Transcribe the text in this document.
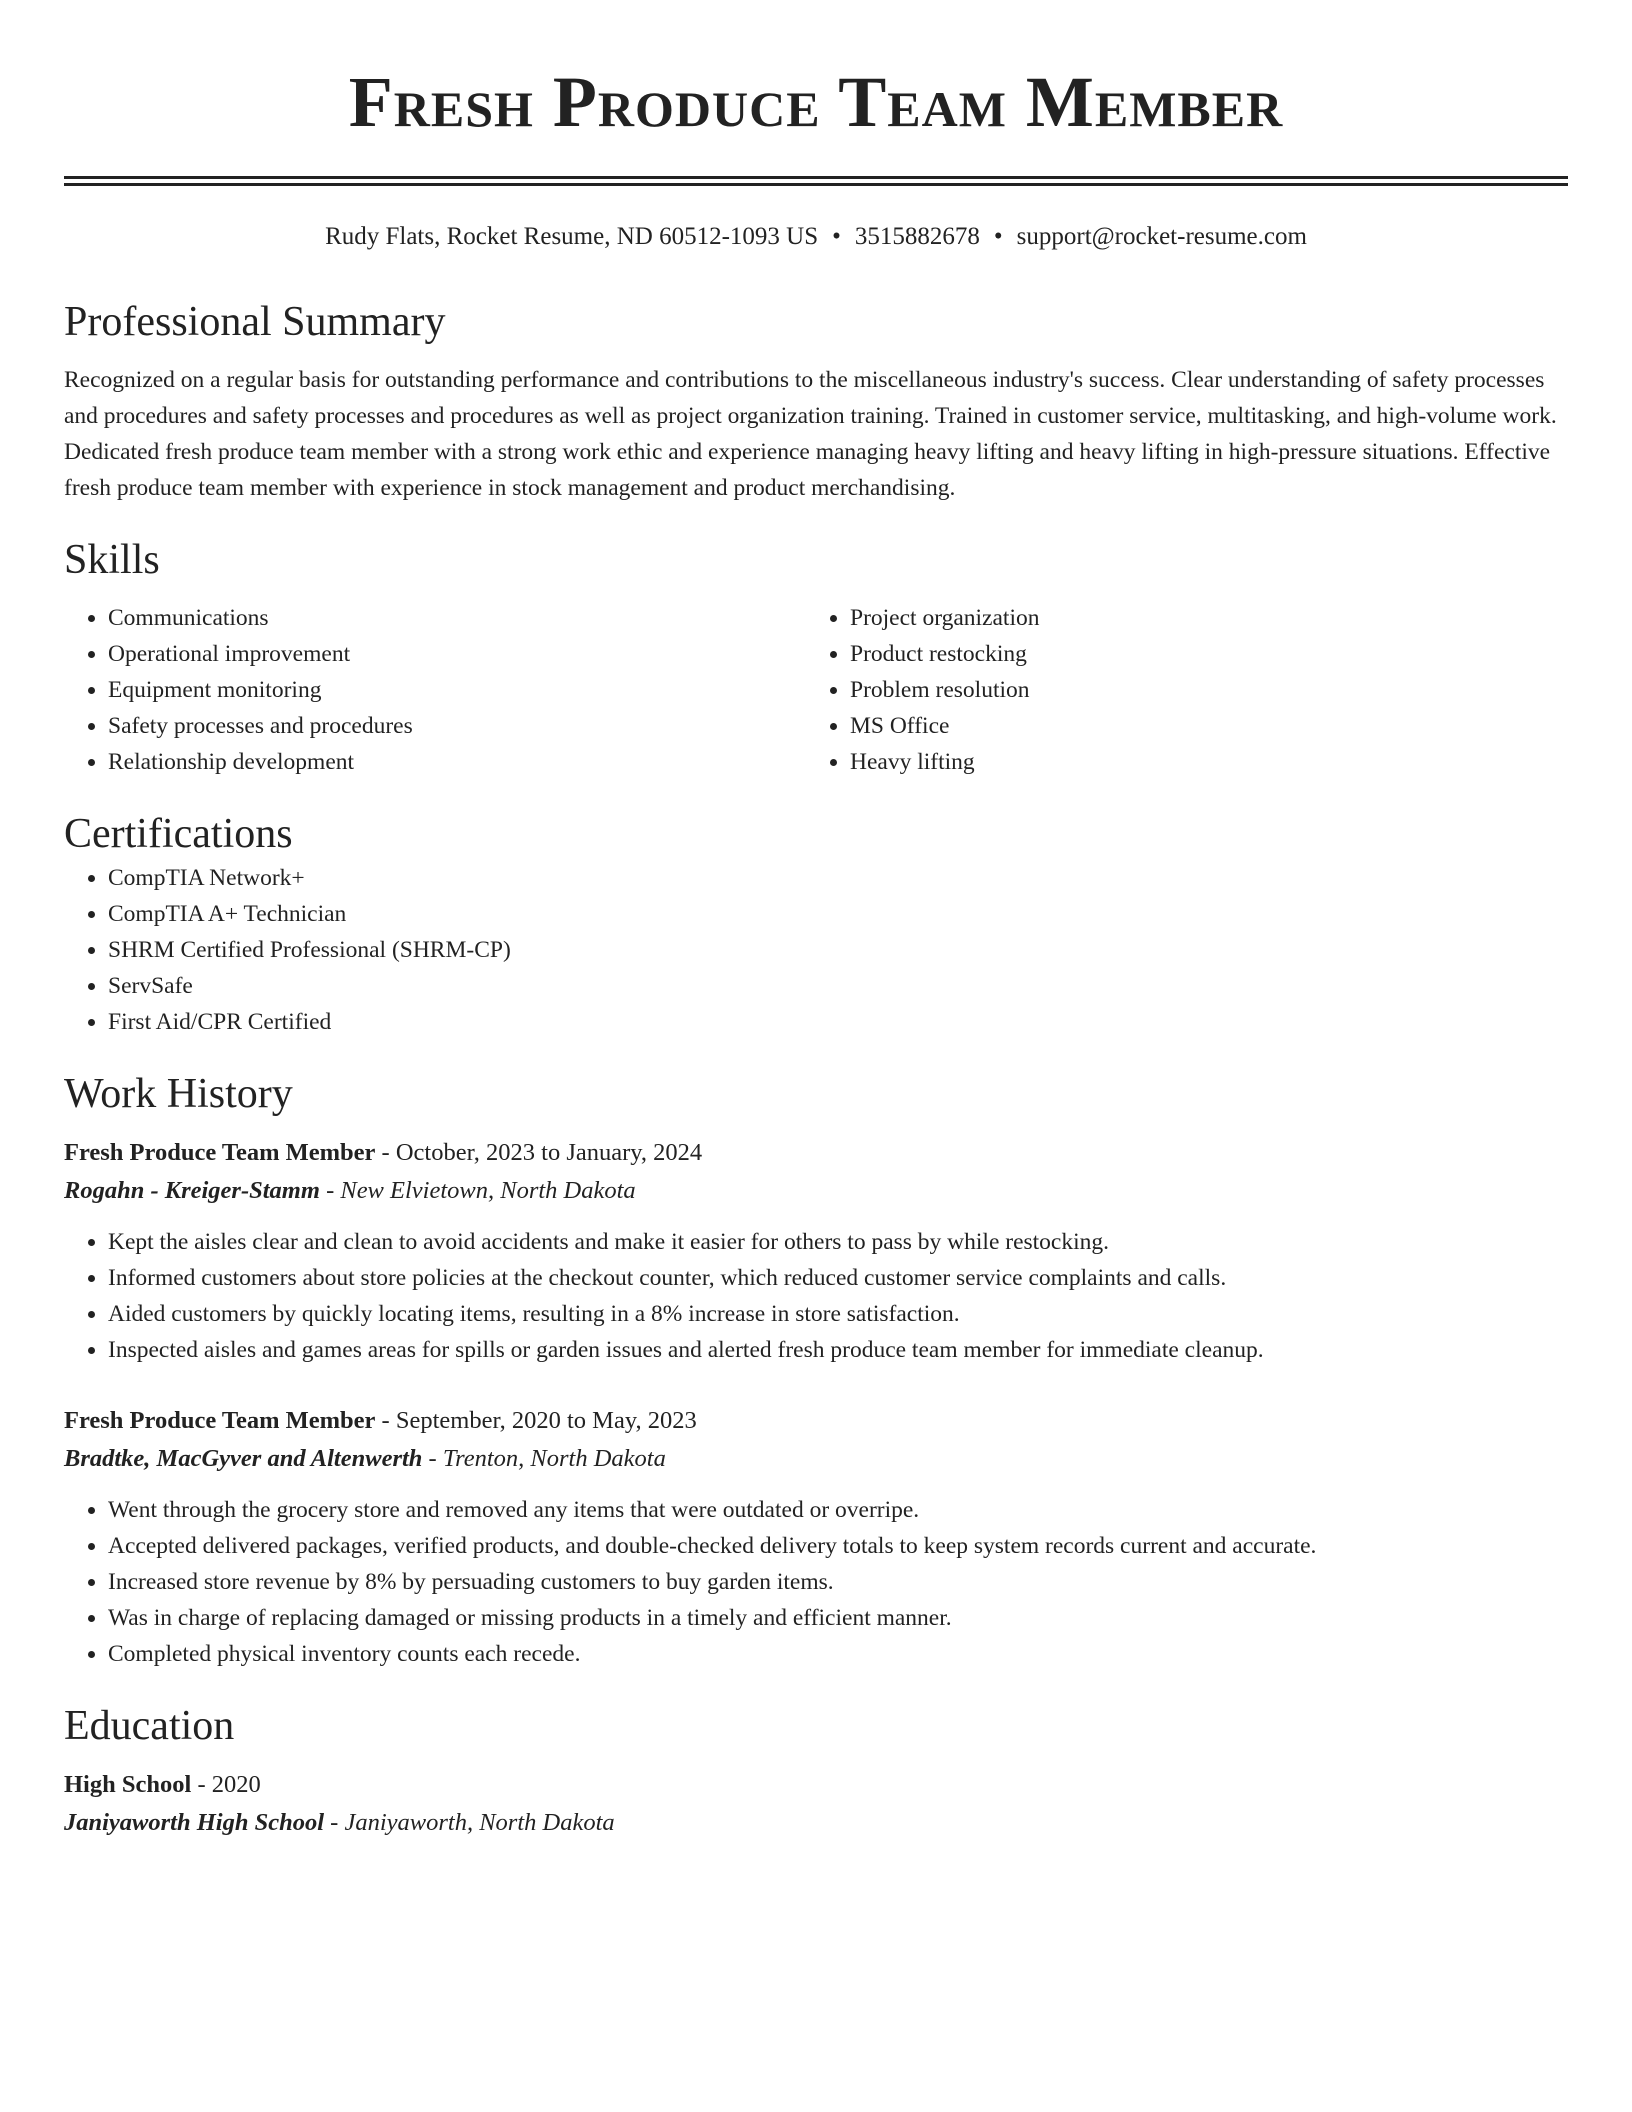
Fresh Produce Team Member
Rudy Flats, Rocket Resume, ND 60512-1093 US • 3515882678 • support@rocket-resume.com
Professional Summary

Recognized on a regular basis for outstanding performance and contributions to the miscellaneous industry's success. Clear understanding of safety processes and procedures and safety processes and procedures as well as project organization training. Trained in customer service, multitasking, and high-volume work. Dedicated fresh produce team member with a strong work ethic and experience managing heavy lifting and heavy lifting in high-pressure situations. Effective fresh produce team member with experience in stock management and product merchandising.

Skills
• Communications
• Operational improvement
• Equipment monitoring
• Safety processes and procedures
• Relationship development
• Project organization
• Product restocking
• Problem resolution
• MS Office
• Heavy lifting
Certifications
• CompTIA Network+
• CompTIA A+ Technician
• SHRM Certified Professional (SHRM-CP)
• ServSafe
• First Aid/CPR Certified
Work History
Fresh Produce Team Member - October, 2023 to January, 2024
Rogahn - Kreiger-Stamm - New Elvietown, North Dakota
• Kept the aisles clear and clean to avoid accidents and make it easier for others to pass by while restocking.
• Informed customers about store policies at the checkout counter, which reduced customer service complaints and calls.
• Aided customers by quickly locating items, resulting in a 8% increase in store satisfaction.
• Inspected aisles and games areas for spills or garden issues and alerted fresh produce team member for immediate cleanup.
Fresh Produce Team Member - September, 2020 to May, 2023
Bradtke, MacGyver and Altenwerth - Trenton, North Dakota
• Went through the grocery store and removed any items that were outdated or overripe.
• Accepted delivered packages, verified products, and double-checked delivery totals to keep system records current and accurate.
• Increased store revenue by 8% by persuading customers to buy garden items.
• Was in charge of replacing damaged or missing products in a timely and efficient manner.
• Completed physical inventory counts each recede.
Education
High School - 2020
Janiyaworth High School - Janiyaworth, North Dakota
